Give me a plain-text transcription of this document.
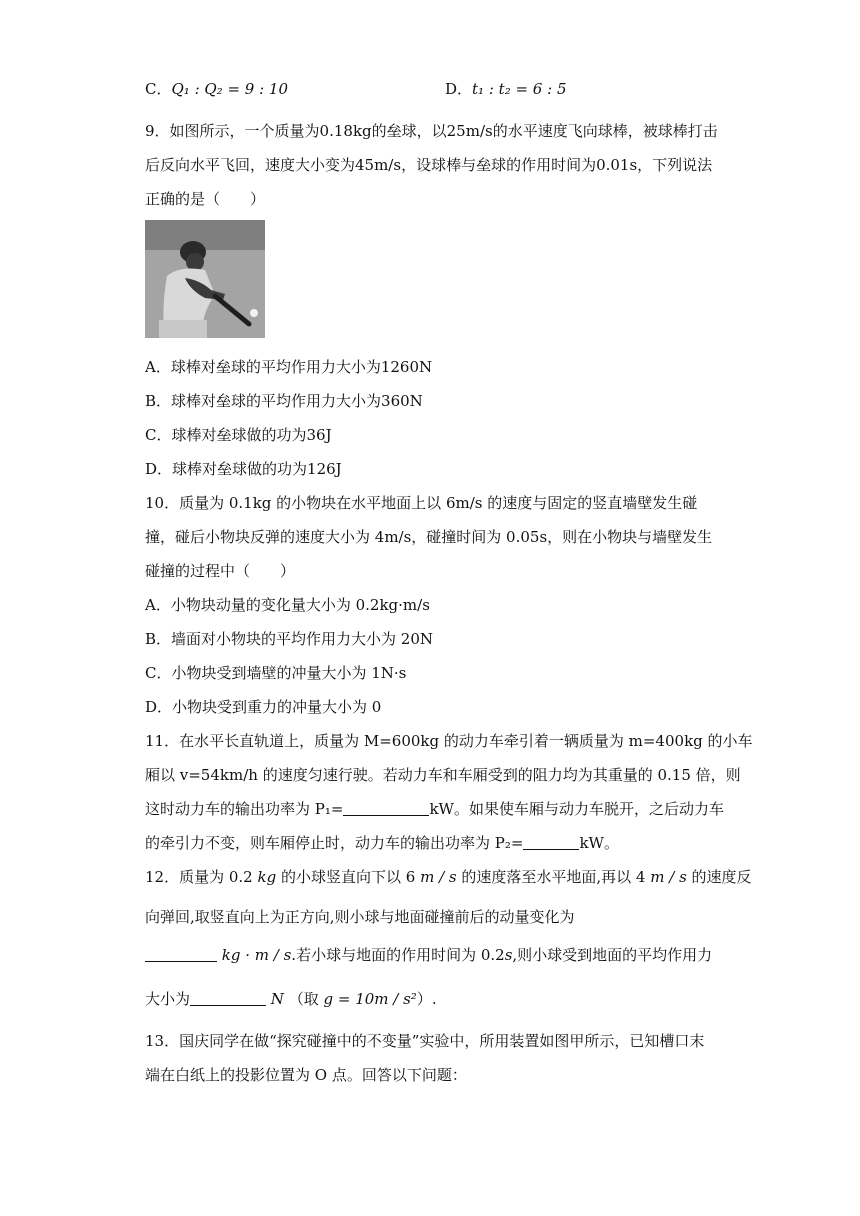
C．Q₁ : Q₂ = 9 : 10	D．t₁ : t₂ = 6 : 5
9．如图所示，一个质量为0.18kg的垒球，以25m/s的水平速度飞向球棒，被球棒打击后反向水平飞回，速度大小变为45m/s，设球棒与垒球的作用时间为0.01s，下列说法正确的是（　　）
A．球棒对垒球的平均作用力大小为1260N
B．球棒对垒球的平均作用力大小为360N
C．球棒对垒球做的功为36J
D．球棒对垒球做的功为126J
10．质量为 0.1kg 的小物块在水平地面上以 6m/s 的速度与固定的竖直墙壁发生碰撞，碰后小物块反弹的速度大小为 4m/s，碰撞时间为 0.05s，则在小物块与墙壁发生碰撞的过程中（　　）
A．小物块动量的变化量大小为 0.2kg·m/s
B．墙面对小物块的平均作用力大小为 20N
C．小物块受到墙壁的冲量大小为 1N·s
D．小物块受到重力的冲量大小为 0
11．在水平长直轨道上，质量为 M=600kg 的动力车牵引着一辆质量为 m=400kg 的小车
厢以 v=54km/h 的速度匀速行驶。若动力车和车厢受到的阻力均为其重量的 0.15 倍，则
这时动力车的输出功率为 P₁=	kW。如果使车厢与动力车脱开，之后动力车
的牵引力不变，则车厢停止时，动力车的输出功率为 P₂=	kW。
12．质量为 0.2 kg 的小球竖直向下以 6 m / s 的速度落至水平地面,再以 4 m / s 的速度反
向弹回,取竖直向上为正方向,则小球与地面碰撞前后的动量变化为
kg · m / s.若小球与地面的作用时间为 0.2s,则小球受到地面的平均作用力
大小为	N （取 g = 10m / s²）.
13．国庆同学在做“探究碰撞中的不变量”实验中，所用装置如图甲所示，已知槽口末
端在白纸上的投影位置为 O 点。回答以下问题：
